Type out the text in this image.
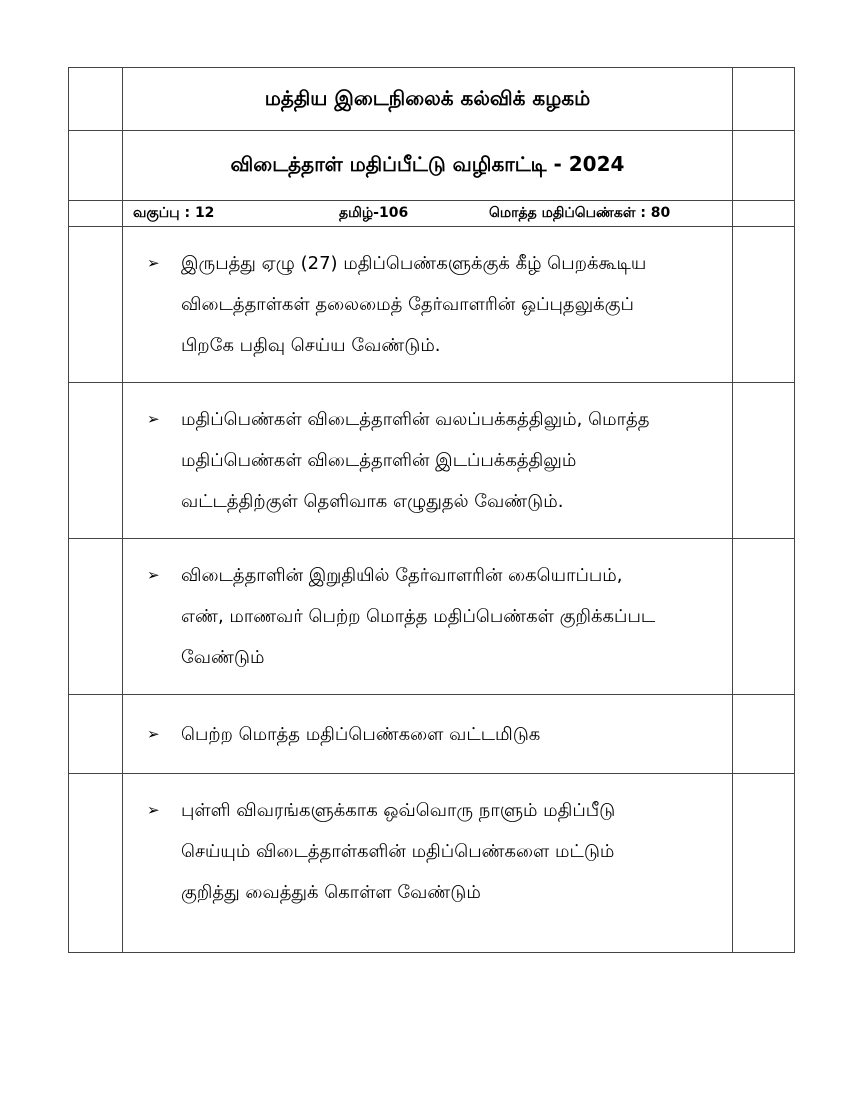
	மத்திய இடைநிலைக் கல்விக் கழகம்	
	விடைத்தாள் மதிப்பீட்டு வழிகாட்டி - 2024	

	வகுப்பு : 12 தமிழ்-106 மொத்த மதிப்பெண்கள் : 80	

	➢ இருபத்து ஏழு (27) மதிப்பெண்களுக்குக் கீழ் பெறக்கூடிய
விடைத்தாள்கள் தலைமைத் தேர்வாளரின் ஒப்புதலுக்குப்
பிறகே பதிவு செய்ய வேண்டும்.	

	➢ மதிப்பெண்கள் விடைத்தாளின் வலப்பக்கத்திலும், மொத்த
மதிப்பெண்கள் விடைத்தாளின் இடப்பக்கத்திலும்
வட்டத்திற்குள் தெளிவாக எழுதுதல் வேண்டும்.	

	➢ விடைத்தாளின் இறுதியில் தேர்வாளரின் கையொப்பம்,
எண், மாணவர் பெற்ற மொத்த மதிப்பெண்கள் குறிக்கப்பட
வேண்டும்	

	➢ பெற்ற மொத்த மதிப்பெண்களை வட்டமிடுக	

	➢ புள்ளி விவரங்களுக்காக ஒவ்வொரு நாளும் மதிப்பீடு
செய்யும் விடைத்தாள்களின் மதிப்பெண்களை மட்டும்
குறித்து வைத்துக் கொள்ள வேண்டும்	
